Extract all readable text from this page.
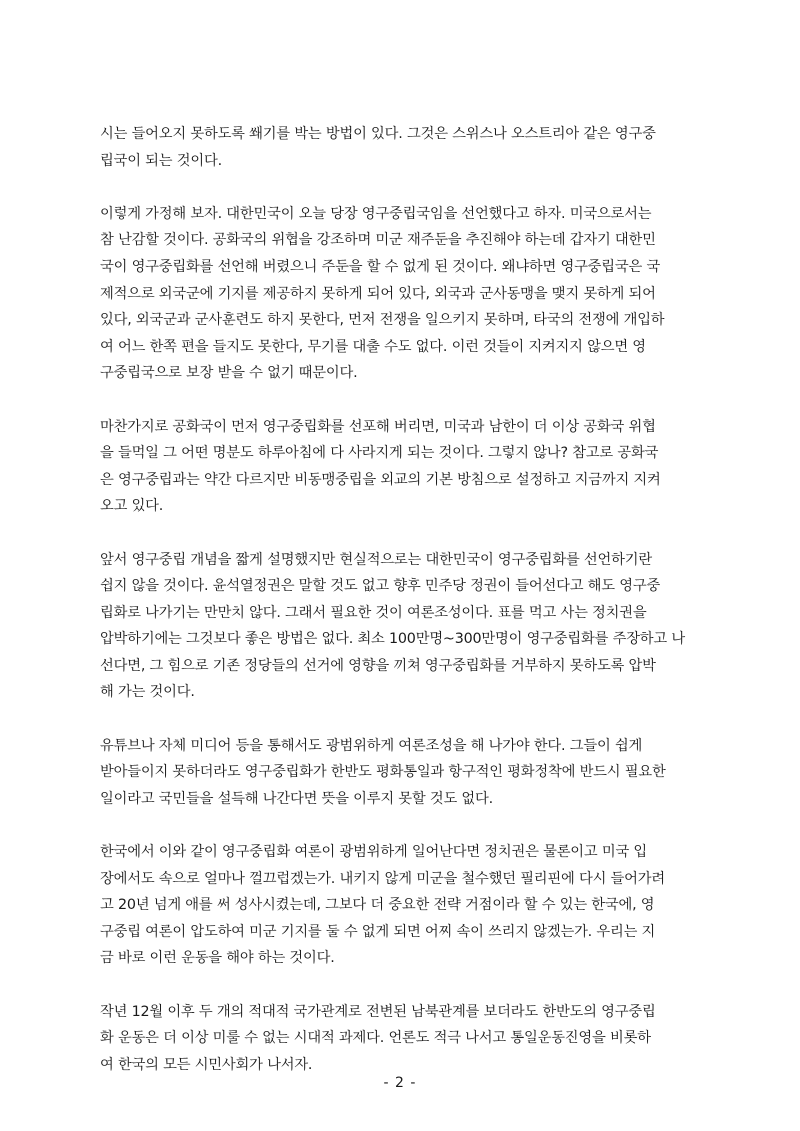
시는 들어오지 못하도록 쐐기를 박는 방법이 있다. 그것은 스위스나 오스트리아 같은 영구중
립국이 되는 것이다.

이렇게 가정해 보자. 대한민국이 오늘 당장 영구중립국임을 선언했다고 하자. 미국으로서는
참 난감할 것이다. 공화국의 위협을 강조하며 미군 재주둔을 추진해야 하는데 갑자기 대한민
국이 영구중립화를 선언해 버렸으니 주둔을 할 수 없게 된 것이다. 왜냐하면 영구중립국은 국
제적으로 외국군에 기지를 제공하지 못하게 되어 있다, 외국과 군사동맹을 맺지 못하게 되어
있다, 외국군과 군사훈련도 하지 못한다, 먼저 전쟁을 일으키지 못하며, 타국의 전쟁에 개입하
여 어느 한쪽 편을 들지도 못한다, 무기를 대출 수도 없다. 이런 것들이 지켜지지 않으면 영
구중립국으로 보장 받을 수 없기 때문이다.

마찬가지로 공화국이 먼저 영구중립화를 선포해 버리면, 미국과 남한이 더 이상 공화국 위협
을 들먹일 그 어떤 명분도 하루아침에 다 사라지게 되는 것이다. 그렇지 않나? 참고로 공화국
은 영구중립과는 약간 다르지만 비동맹중립을 외교의 기본 방침으로 설정하고 지금까지 지켜
오고 있다.

앞서 영구중립 개념을 짧게 설명했지만 현실적으로는 대한민국이 영구중립화를 선언하기란
쉽지 않을 것이다. 윤석열정권은 말할 것도 없고 향후 민주당 정권이 들어선다고 해도 영구중
립화로 나가기는 만만치 않다. 그래서 필요한 것이 여론조성이다. 표를 먹고 사는 정치권을
압박하기에는 그것보다 좋은 방법은 없다. 최소 100만명~300만명이 영구중립화를 주장하고 나
선다면, 그 힘으로 기존 정당들의 선거에 영향을 끼쳐 영구중립화를 거부하지 못하도록 압박
해 가는 것이다.

유튜브나 자체 미디어 등을 통해서도 광범위하게 여론조성을 해 나가야 한다. 그들이 쉽게
받아들이지 못하더라도 영구중립화가 한반도 평화통일과 항구적인 평화정착에 반드시 필요한
일이라고 국민들을 설득해 나간다면 뜻을 이루지 못할 것도 없다.

한국에서 이와 같이 영구중립화 여론이 광범위하게 일어난다면 정치권은 물론이고 미국 입
장에서도 속으로 얼마나 껄끄럽겠는가. 내키지 않게 미군을 철수했던 필리핀에 다시 들어가려
고 20년 넘게 애를 써 성사시켰는데, 그보다 더 중요한 전략 거점이라 할 수 있는 한국에, 영
구중립 여론이 압도하여 미군 기지를 둘 수 없게 되면 어찌 속이 쓰리지 않겠는가. 우리는 지
금 바로 이런 운동을 해야 하는 것이다.

작년 12월 이후 두 개의 적대적 국가관계로 전변된 남북관계를 보더라도 한반도의 영구중립
화 운동은 더 이상 미룰 수 없는 시대적 과제다. 언론도 적극 나서고 통일운동진영을 비롯하
여 한국의 모든 시민사회가 나서자.

- 2 -
